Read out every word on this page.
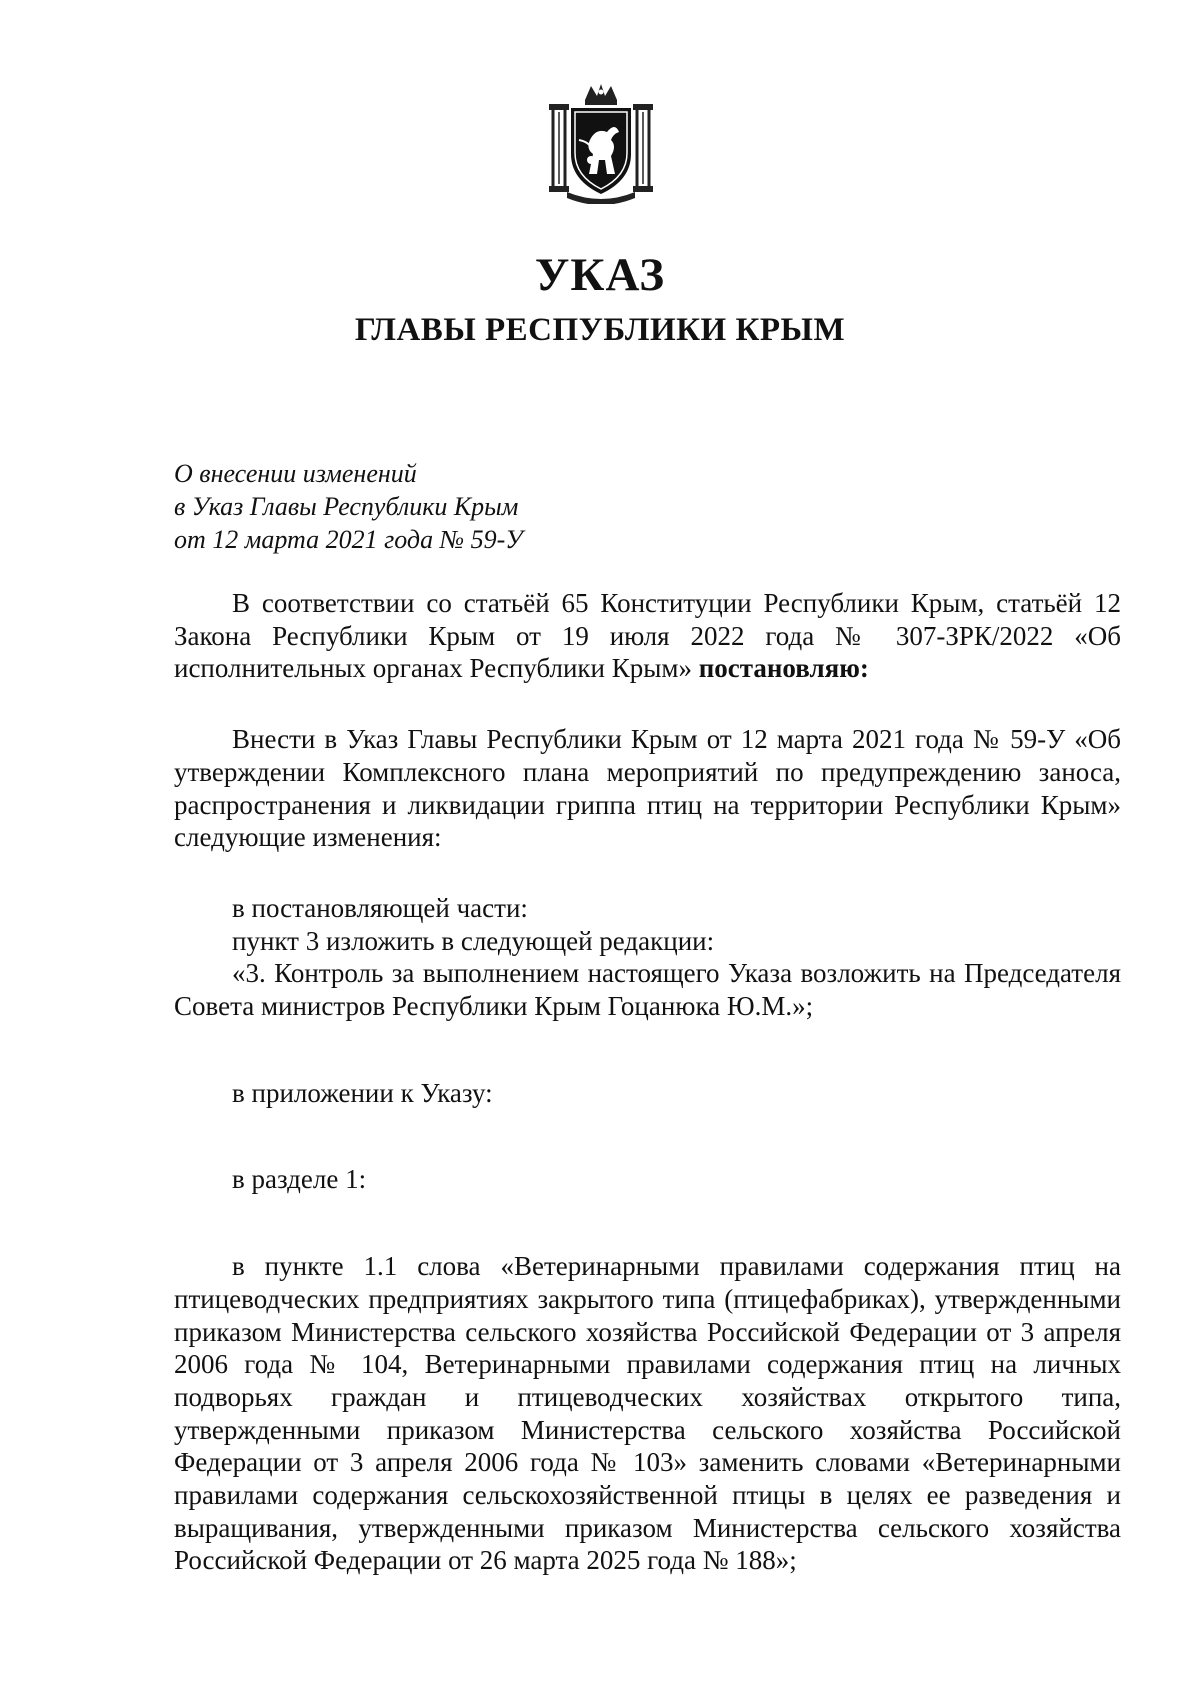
УКАЗ
ГЛАВЫ РЕСПУБЛИКИ КРЫМ
О внесении изменений
в Указ Главы Республики Крым
от 12 марта 2021 года № 59-У

В соответствии со статьёй 65 Конституции Республики Крым, статьёй 12 Закона Республики Крым от 19 июля 2022 года № 307-ЗРК/2022 «Об исполнительных органах Республики Крым» постановляю:

Внести в Указ Главы Республики Крым от 12 марта 2021 года № 59-У «Об утверждении Комплексного плана мероприятий по предупреждению заноса, распространения и ликвидации гриппа птиц на территории Республики Крым» следующие изменения:

в постановляющей части:

пункт 3 изложить в следующей редакции:

«3. Контроль за выполнением настоящего Указа возложить на Председателя Совета министров Республики Крым Гоцанюка Ю.М.»;

в приложении к Указу:

в разделе 1:

в пункте 1.1 слова «Ветеринарными правилами содержания птиц на птицеводческих предприятиях закрытого типа (птицефабриках), утвержденными приказом Министерства сельского хозяйства Российской Федерации от 3 апреля 2006 года № 104, Ветеринарными правилами содержания птиц на личных подворьях граждан и птицеводческих хозяйствах открытого типа, утвержденными приказом Министерства сельского хозяйства Российской Федерации от 3 апреля 2006 года № 103» заменить словами «Ветеринарными правилами содержания сельскохозяйственной птицы в целях ее разведения и выращивания, утвержденными приказом Министерства сельского хозяйства Российской Федерации от 26 марта 2025 года № 188»;
